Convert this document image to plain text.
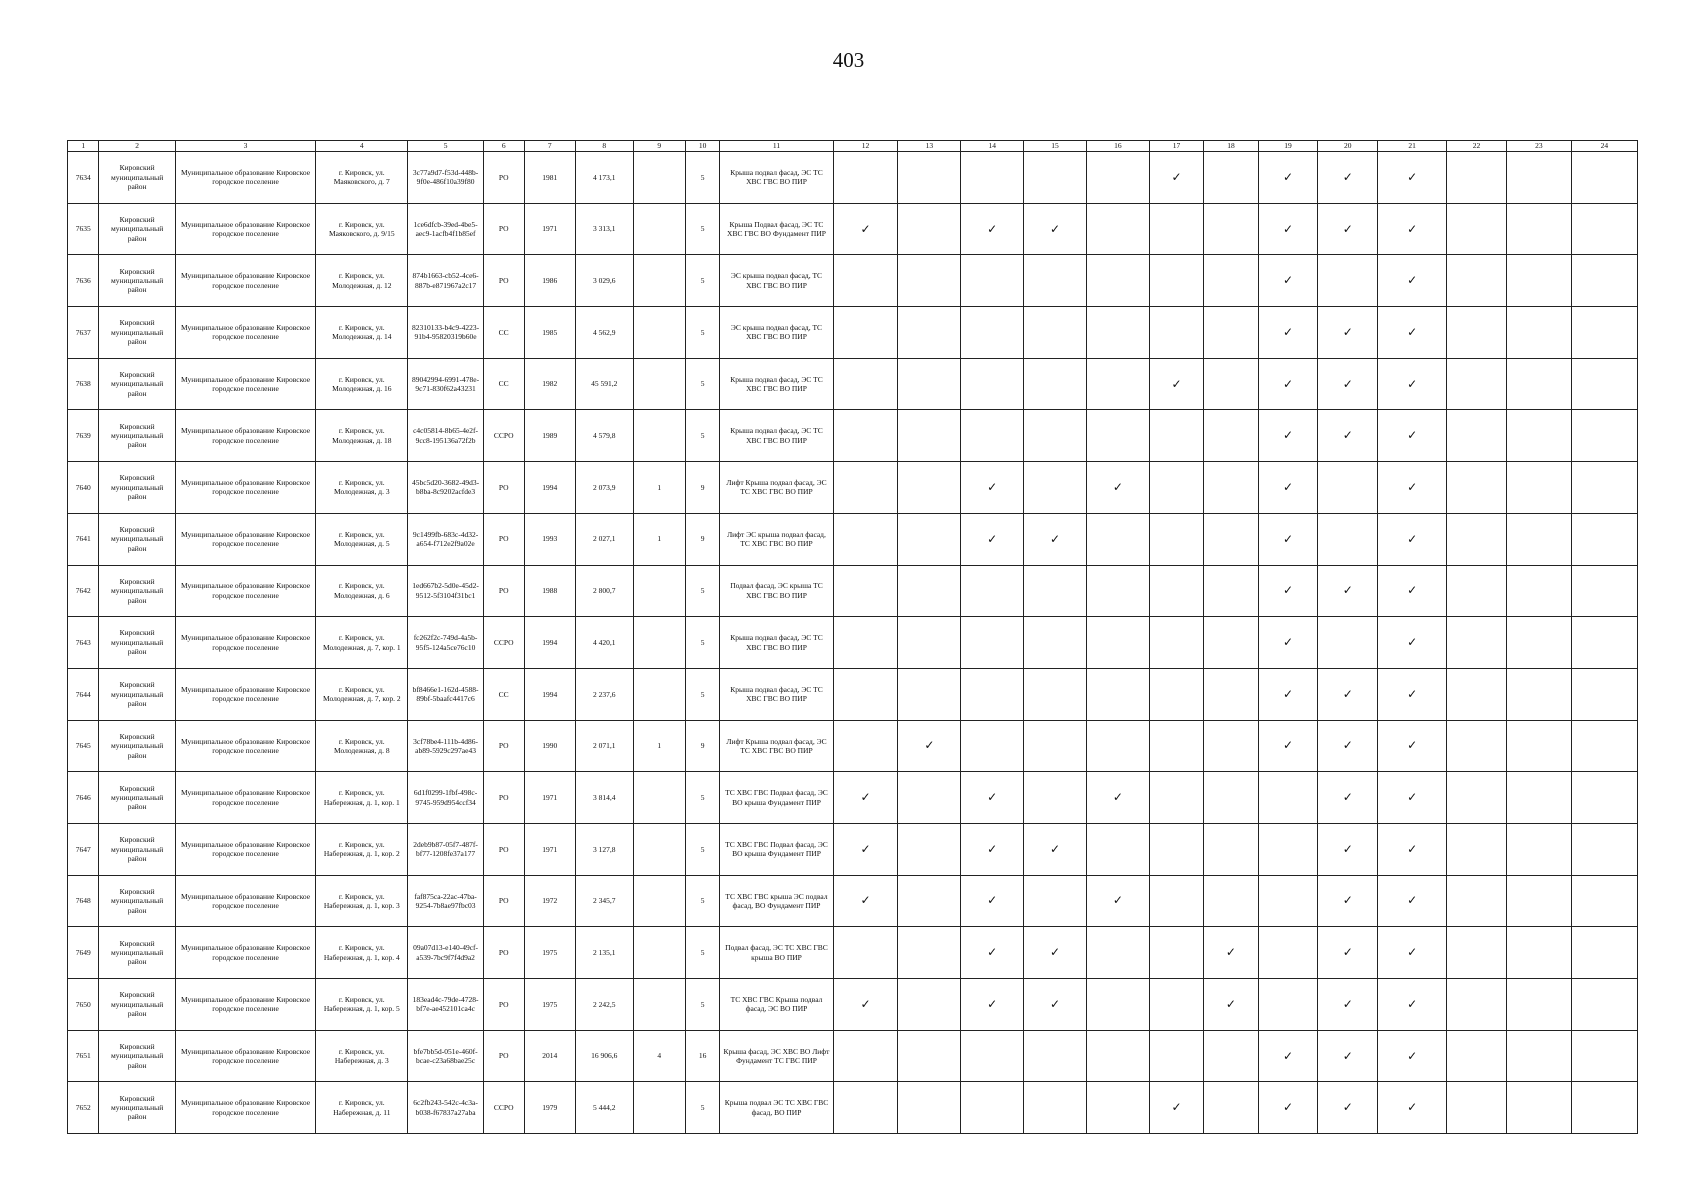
403
1	2	3	4	5	6	7	8	9	10	11	12	13	14	15	16	17	18	19	20	21	22	23	24
7634	Кировский муниципальный район	Муниципальное образование Кировское городское поселение	г. Кировск, ул. Маяковского, д. 7	3c77a9d7-f53d-448b-9f0e-486f10a39f80	РО	1981	4 173,1		5	Крыша подвал фасад, ЭС ТС ХВС ГВС ВО ПИР						✓		✓	✓	✓			
7635	Кировский муниципальный район	Муниципальное образование Кировское городское поселение	г. Кировск, ул. Маяковского, д. 9/15	1ce6dfcb-39ed-4be5-aec9-1acfb4f1b85ef	РО	1971	3 313,1		5	Крыша Подвал фасад, ЭС ТС ХВС ГВС ВО Фундамент ПИР	✓		✓	✓				✓	✓	✓			
7636	Кировский муниципальный район	Муниципальное образование Кировское городское поселение	г. Кировск, ул. Молодежная, д. 12	874b1663-cb52-4ce6-887b-e871967a2c17	РО	1986	3 029,6		5	ЭС крыша подвал фасад, ТС ХВС ГВС ВО ПИР								✓		✓			
7637	Кировский муниципальный район	Муниципальное образование Кировское городское поселение	г. Кировск, ул. Молодежная, д. 14	82310133-b4c9-4223-91b4-95820319b60e	СС	1985	4 562,9		5	ЭС крыша подвал фасад, ТС ХВС ГВС ВО ПИР								✓	✓	✓			
7638	Кировский муниципальный район	Муниципальное образование Кировское городское поселение	г. Кировск, ул. Молодежная, д. 16	89042994-6991-478e-9c71-830f62a43231	СС	1982	45 591,2		5	Крыша подвал фасад, ЭС ТС ХВС ГВС ВО ПИР						✓		✓	✓	✓			
7639	Кировский муниципальный район	Муниципальное образование Кировское городское поселение	г. Кировск, ул. Молодежная, д. 18	c4c05814-8b65-4e2f-9cc8-195136a72f2b	ССРО	1989	4 579,8		5	Крыша подвал фасад, ЭС ТС ХВС ГВС ВО ПИР								✓	✓	✓			
7640	Кировский муниципальный район	Муниципальное образование Кировское городское поселение	г. Кировск, ул. Молодежная, д. 3	45bc5d20-3682-49d3-b8ba-8c9202acfde3	РО	1994	2 073,9	1	9	Лифт Крыша подвал фасад, ЭС ТС ХВС ГВС ВО ПИР			✓		✓			✓		✓			
7641	Кировский муниципальный район	Муниципальное образование Кировское городское поселение	г. Кировск, ул. Молодежная, д. 5	9c1499fb-683c-4d32-a654-f712e2f9a02e	РО	1993	2 027,1	1	9	Лифт ЭС крыша подвал фасад, ТС ХВС ГВС ВО ПИР			✓	✓				✓		✓			
7642	Кировский муниципальный район	Муниципальное образование Кировское городское поселение	г. Кировск, ул. Молодежная, д. 6	1ed667b2-5d0e-45d2-9512-5f3104f31bc1	РО	1988	2 800,7		5	Подвал фасад, ЭС крыша ТС ХВС ГВС ВО ПИР								✓	✓	✓			
7643	Кировский муниципальный район	Муниципальное образование Кировское городское поселение	г. Кировск, ул. Молодежная, д. 7, кор. 1	fc262f2c-749d-4a5b-95f5-124a5ce76c10	ССРО	1994	4 420,1		5	Крыша подвал фасад, ЭС ТС ХВС ГВС ВО ПИР								✓		✓			
7644	Кировский муниципальный район	Муниципальное образование Кировское городское поселение	г. Кировск, ул. Молодежная, д. 7, кор. 2	bf8466e1-162d-4588-89bf-5baafc4417c6	СС	1994	2 237,6		5	Крыша подвал фасад, ЭС ТС ХВС ГВС ВО ПИР								✓	✓	✓			
7645	Кировский муниципальный район	Муниципальное образование Кировское городское поселение	г. Кировск, ул. Молодежная, д. 8	3cf78be4-111b-4d86-ab89-5929c297ae43	РО	1990	2 071,1	1	9	Лифт Крыша подвал фасад, ЭС ТС ХВС ГВС ВО ПИР		✓						✓	✓	✓			
7646	Кировский муниципальный район	Муниципальное образование Кировское городское поселение	г. Кировск, ул. Набережная, д. 1, кор. 1	6d1f0299-1fbf-498c-9745-959d954ccf34	РО	1971	3 814,4		5	ТС ХВС ГВС Подвал фасад, ЭС ВО крыша Фундамент ПИР	✓		✓		✓				✓	✓			
7647	Кировский муниципальный район	Муниципальное образование Кировское городское поселение	г. Кировск, ул. Набережная, д. 1, кор. 2	2deb9b87-05f7-487f-bf77-1208fe37a177	РО	1971	3 127,8		5	ТС ХВС ГВС Подвал фасад, ЭС ВО крыша Фундамент ПИР	✓		✓	✓					✓	✓			
7648	Кировский муниципальный район	Муниципальное образование Кировское городское поселение	г. Кировск, ул. Набережная, д. 1, кор. 3	faf875ca-22ac-47ba-9254-7b8ae97fbc03	РО	1972	2 345,7		5	ТС ХВС ГВС крыша ЭС подвал фасад, ВО Фундамент ПИР	✓		✓		✓				✓	✓			
7649	Кировский муниципальный район	Муниципальное образование Кировское городское поселение	г. Кировск, ул. Набережная, д. 1, кор. 4	09a07d13-e140-49cf-a539-7bc9f7f4d9a2	РО	1975	2 135,1		5	Подвал фасад, ЭС ТС ХВС ГВС крыша ВО ПИР			✓	✓			✓		✓	✓			
7650	Кировский муниципальный район	Муниципальное образование Кировское городское поселение	г. Кировск, ул. Набережная, д. 1, кор. 5	183ead4c-79de-4728-bf7e-ae452101ca4c	РО	1975	2 242,5		5	ТС ХВС ГВС Крыша подвал фасад, ЭС ВО ПИР	✓		✓	✓			✓		✓	✓			
7651	Кировский муниципальный район	Муниципальное образование Кировское городское поселение	г. Кировск, ул. Набережная, д. 3	bfe7bb5d-051e-460f-bcae-c23a68bae25c	РО	2014	16 906,6	4	16	Крыша фасад, ЭС ХВС ВО Лифт Фундамент ТС ГВС ПИР								✓	✓	✓			
7652	Кировский муниципальный район	Муниципальное образование Кировское городское поселение	г. Кировск, ул. Набережная, д. 11	6c2fb243-542c-4c3a-b038-f67837a27aba	ССРО	1979	5 444,2		5	Крыша подвал ЭС ТС ХВС ГВС фасад, ВО ПИР						✓		✓	✓	✓			
